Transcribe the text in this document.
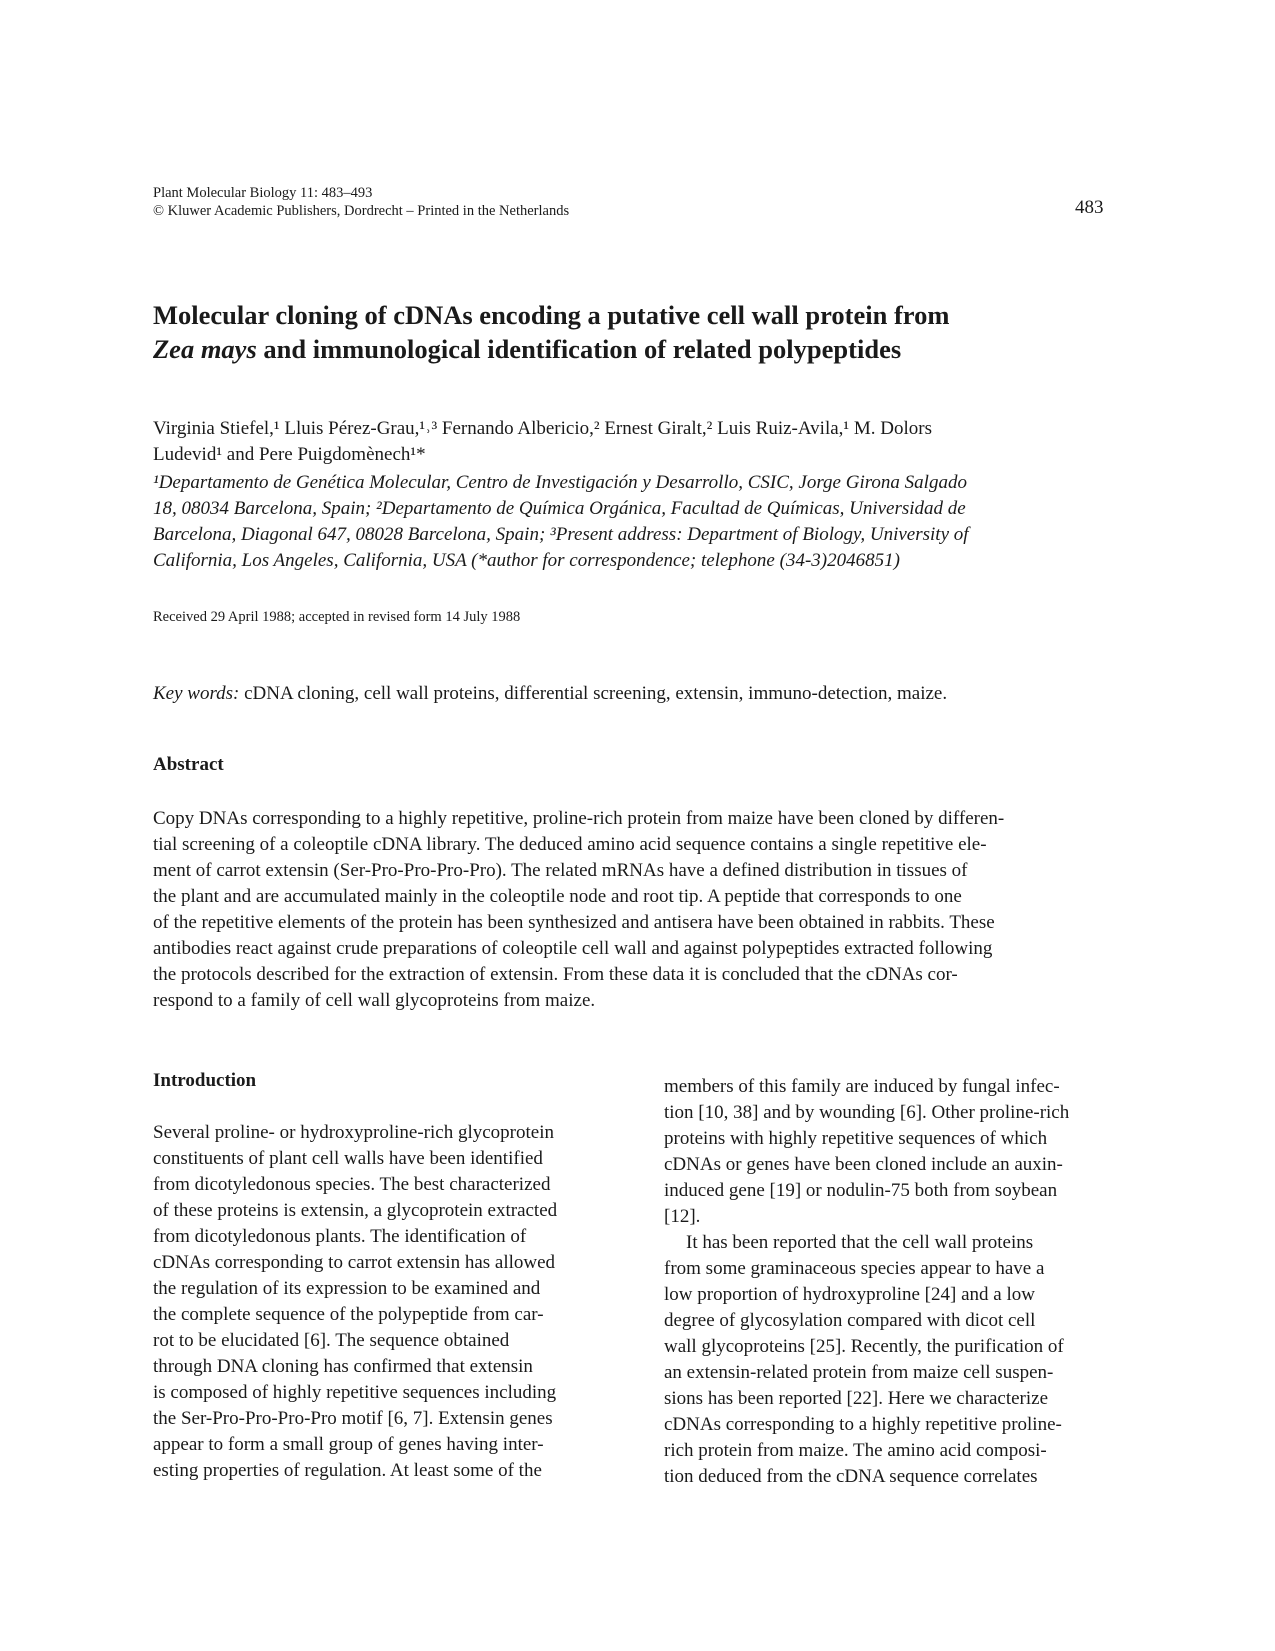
Plant Molecular Biology 11: 483–493
© Kluwer Academic Publishers, Dordrecht – Printed in the Netherlands	483
Molecular cloning of cDNAs encoding a putative cell wall protein from
Zea mays and immunological identification of related polypeptides
Virginia Stiefel,¹ Lluis Pérez-Grau,¹˒³ Fernando Albericio,² Ernest Giralt,² Luis Ruiz-Avila,¹ M. Dolors
Ludevid¹ and Pere Puigdomènech¹*
¹Departamento de Genética Molecular, Centro de Investigación y Desarrollo, CSIC, Jorge Girona Salgado
18, 08034 Barcelona, Spain; ²Departamento de Química Orgánica, Facultad de Químicas, Universidad de
Barcelona, Diagonal 647, 08028 Barcelona, Spain; ³Present address: Department of Biology, University of
California, Los Angeles, California, USA (*author for correspondence; telephone (34-3)2046851)
Received 29 April 1988; accepted in revised form 14 July 1988
Key words: cDNA cloning, cell wall proteins, differential screening, extensin, immuno-detection, maize.
Abstract
Copy DNAs corresponding to a highly repetitive, proline-rich protein from maize have been cloned by differen-
tial screening of a coleoptile cDNA library. The deduced amino acid sequence contains a single repetitive ele-
ment of carrot extensin (Ser-Pro-Pro-Pro-Pro). The related mRNAs have a defined distribution in tissues of
the plant and are accumulated mainly in the coleoptile node and root tip. A peptide that corresponds to one
of the repetitive elements of the protein has been synthesized and antisera have been obtained in rabbits. These
antibodies react against crude preparations of coleoptile cell wall and against polypeptides extracted following
the protocols described for the extraction of extensin. From these data it is concluded that the cDNAs cor-
respond to a family of cell wall glycoproteins from maize.
Introduction
Several proline- or hydroxyproline-rich glycoprotein
constituents of plant cell walls have been identified
from dicotyledonous species. The best characterized
of these proteins is extensin, a glycoprotein extracted
from dicotyledonous plants. The identification of
cDNAs corresponding to carrot extensin has allowed
the regulation of its expression to be examined and
the complete sequence of the polypeptide from car-
rot to be elucidated [6]. The sequence obtained
through DNA cloning has confirmed that extensin
is composed of highly repetitive sequences including
the Ser-Pro-Pro-Pro-Pro motif [6, 7]. Extensin genes
appear to form a small group of genes having inter-
esting properties of regulation. At least some of the
members of this family are induced by fungal infec-
tion [10, 38] and by wounding [6]. Other proline-rich
proteins with highly repetitive sequences of which
cDNAs or genes have been cloned include an auxin-
induced gene [19] or nodulin-75 both from soybean
[12].
It has been reported that the cell wall proteins
from some graminaceous species appear to have a
low proportion of hydroxyproline [24] and a low
degree of glycosylation compared with dicot cell
wall glycoproteins [25]. Recently, the purification of
an extensin-related protein from maize cell suspen-
sions has been reported [22]. Here we characterize
cDNAs corresponding to a highly repetitive proline-
rich protein from maize. The amino acid composi-
tion deduced from the cDNA sequence correlates
